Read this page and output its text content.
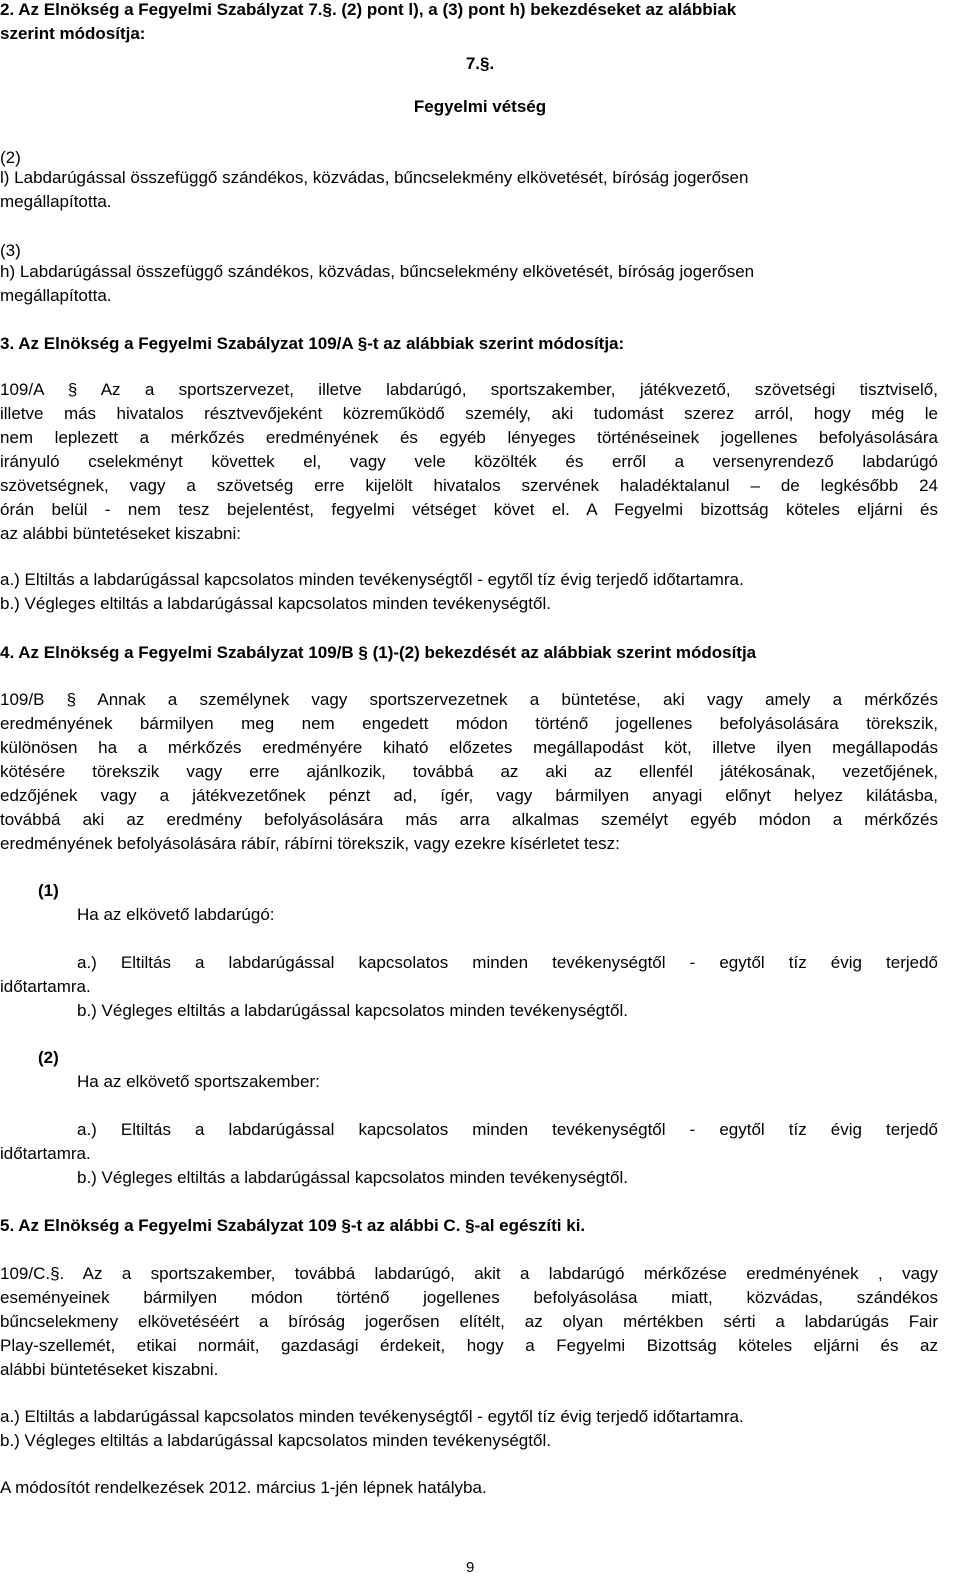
2. Az Elnökség a Fegyelmi Szabályzat 7.§. (2) pont l), a (3) pont h) bekezdéseket az alábbiak
szerint módosítja:
7.§.
Fegyelmi vétség
(2)
l) Labdarúgással összefüggő szándékos, közvádas, bűncselekmény elkövetését, bíróság jogerősen
megállapította.
(3)
h) Labdarúgással összefüggő szándékos, közvádas, bűncselekmény elkövetését, bíróság jogerősen
megállapította.
3. Az Elnökség a Fegyelmi Szabályzat 109/A §-t az alábbiak szerint módosítja:
109/A § Az a sportszervezet, illetve labdarúgó, sportszakember, játékvezető, szövetségi tisztviselő,
illetve más hivatalos résztvevőjeként közreműködő személy, aki tudomást szerez arról, hogy még le
nem leplezett a mérkőzés eredményének és egyéb lényeges történéseinek jogellenes befolyásolására
irányuló cselekményt követtek el, vagy vele közölték és erről a versenyrendező labdarúgó
szövetségnek, vagy a szövetség erre kijelölt hivatalos szervének haladéktalanul – de legkésőbb 24
órán belül - nem tesz bejelentést, fegyelmi vétséget követ el. A Fegyelmi bizottság köteles eljárni és
az alábbi büntetéseket kiszabni:
a.) Eltiltás a labdarúgással kapcsolatos minden tevékenységtől - egytől tíz évig terjedő időtartamra.
b.) Végleges eltiltás a labdarúgással kapcsolatos minden tevékenységtől.
4. Az Elnökség a Fegyelmi Szabályzat 109/B § (1)-(2) bekezdését az alábbiak szerint módosítja
109/B § Annak a személynek vagy sportszervezetnek a büntetése, aki vagy amely a mérkőzés
eredményének bármilyen meg nem engedett módon történő jogellenes befolyásolására törekszik,
különösen ha a mérkőzés eredményére kiható előzetes megállapodást köt, illetve ilyen megállapodás
kötésére törekszik vagy erre ajánlkozik, továbbá az aki az ellenfél játékosának, vezetőjének,
edzőjének vagy a játékvezetőnek pénzt ad, ígér, vagy bármilyen anyagi előnyt helyez kilátásba,
továbbá aki az eredmény befolyásolására más arra alkalmas személyt egyéb módon a mérkőzés
eredményének befolyásolására rábír, rábírni törekszik, vagy ezekre kísérletet tesz:
(1)
Ha az elkövető labdarúgó:
a.) Eltiltás a labdarúgással kapcsolatos minden tevékenységtől - egytől tíz évig terjedő
időtartamra.
b.) Végleges eltiltás a labdarúgással kapcsolatos minden tevékenységtől.
(2)
Ha az elkövető sportszakember:
a.) Eltiltás a labdarúgással kapcsolatos minden tevékenységtől - egytől tíz évig terjedő
időtartamra.
b.) Végleges eltiltás a labdarúgással kapcsolatos minden tevékenységtől.
5. Az Elnökség a Fegyelmi Szabályzat 109 §-t az alábbi C. §-al egészíti ki.
109/C.§. Az a sportszakember, továbbá labdarúgó, akit a labdarúgó mérkőzése eredményének , vagy
eseményeinek bármilyen módon történő jogellenes befolyásolása miatt, közvádas, szándékos
bűncselekmeny elkövetéséért a bíróság jogerősen elítélt, az olyan mértékben sérti a labdarúgás Fair
Play-szellemét, etikai normáit, gazdasági érdekeit, hogy a Fegyelmi Bizottság köteles eljárni és az
alábbi büntetéseket kiszabni.
a.) Eltiltás a labdarúgással kapcsolatos minden tevékenységtől - egytől tíz évig terjedő időtartamra.
b.) Végleges eltiltás a labdarúgással kapcsolatos minden tevékenységtől.
A módosítót rendelkezések 2012. március 1-jén lépnek hatályba.
9
